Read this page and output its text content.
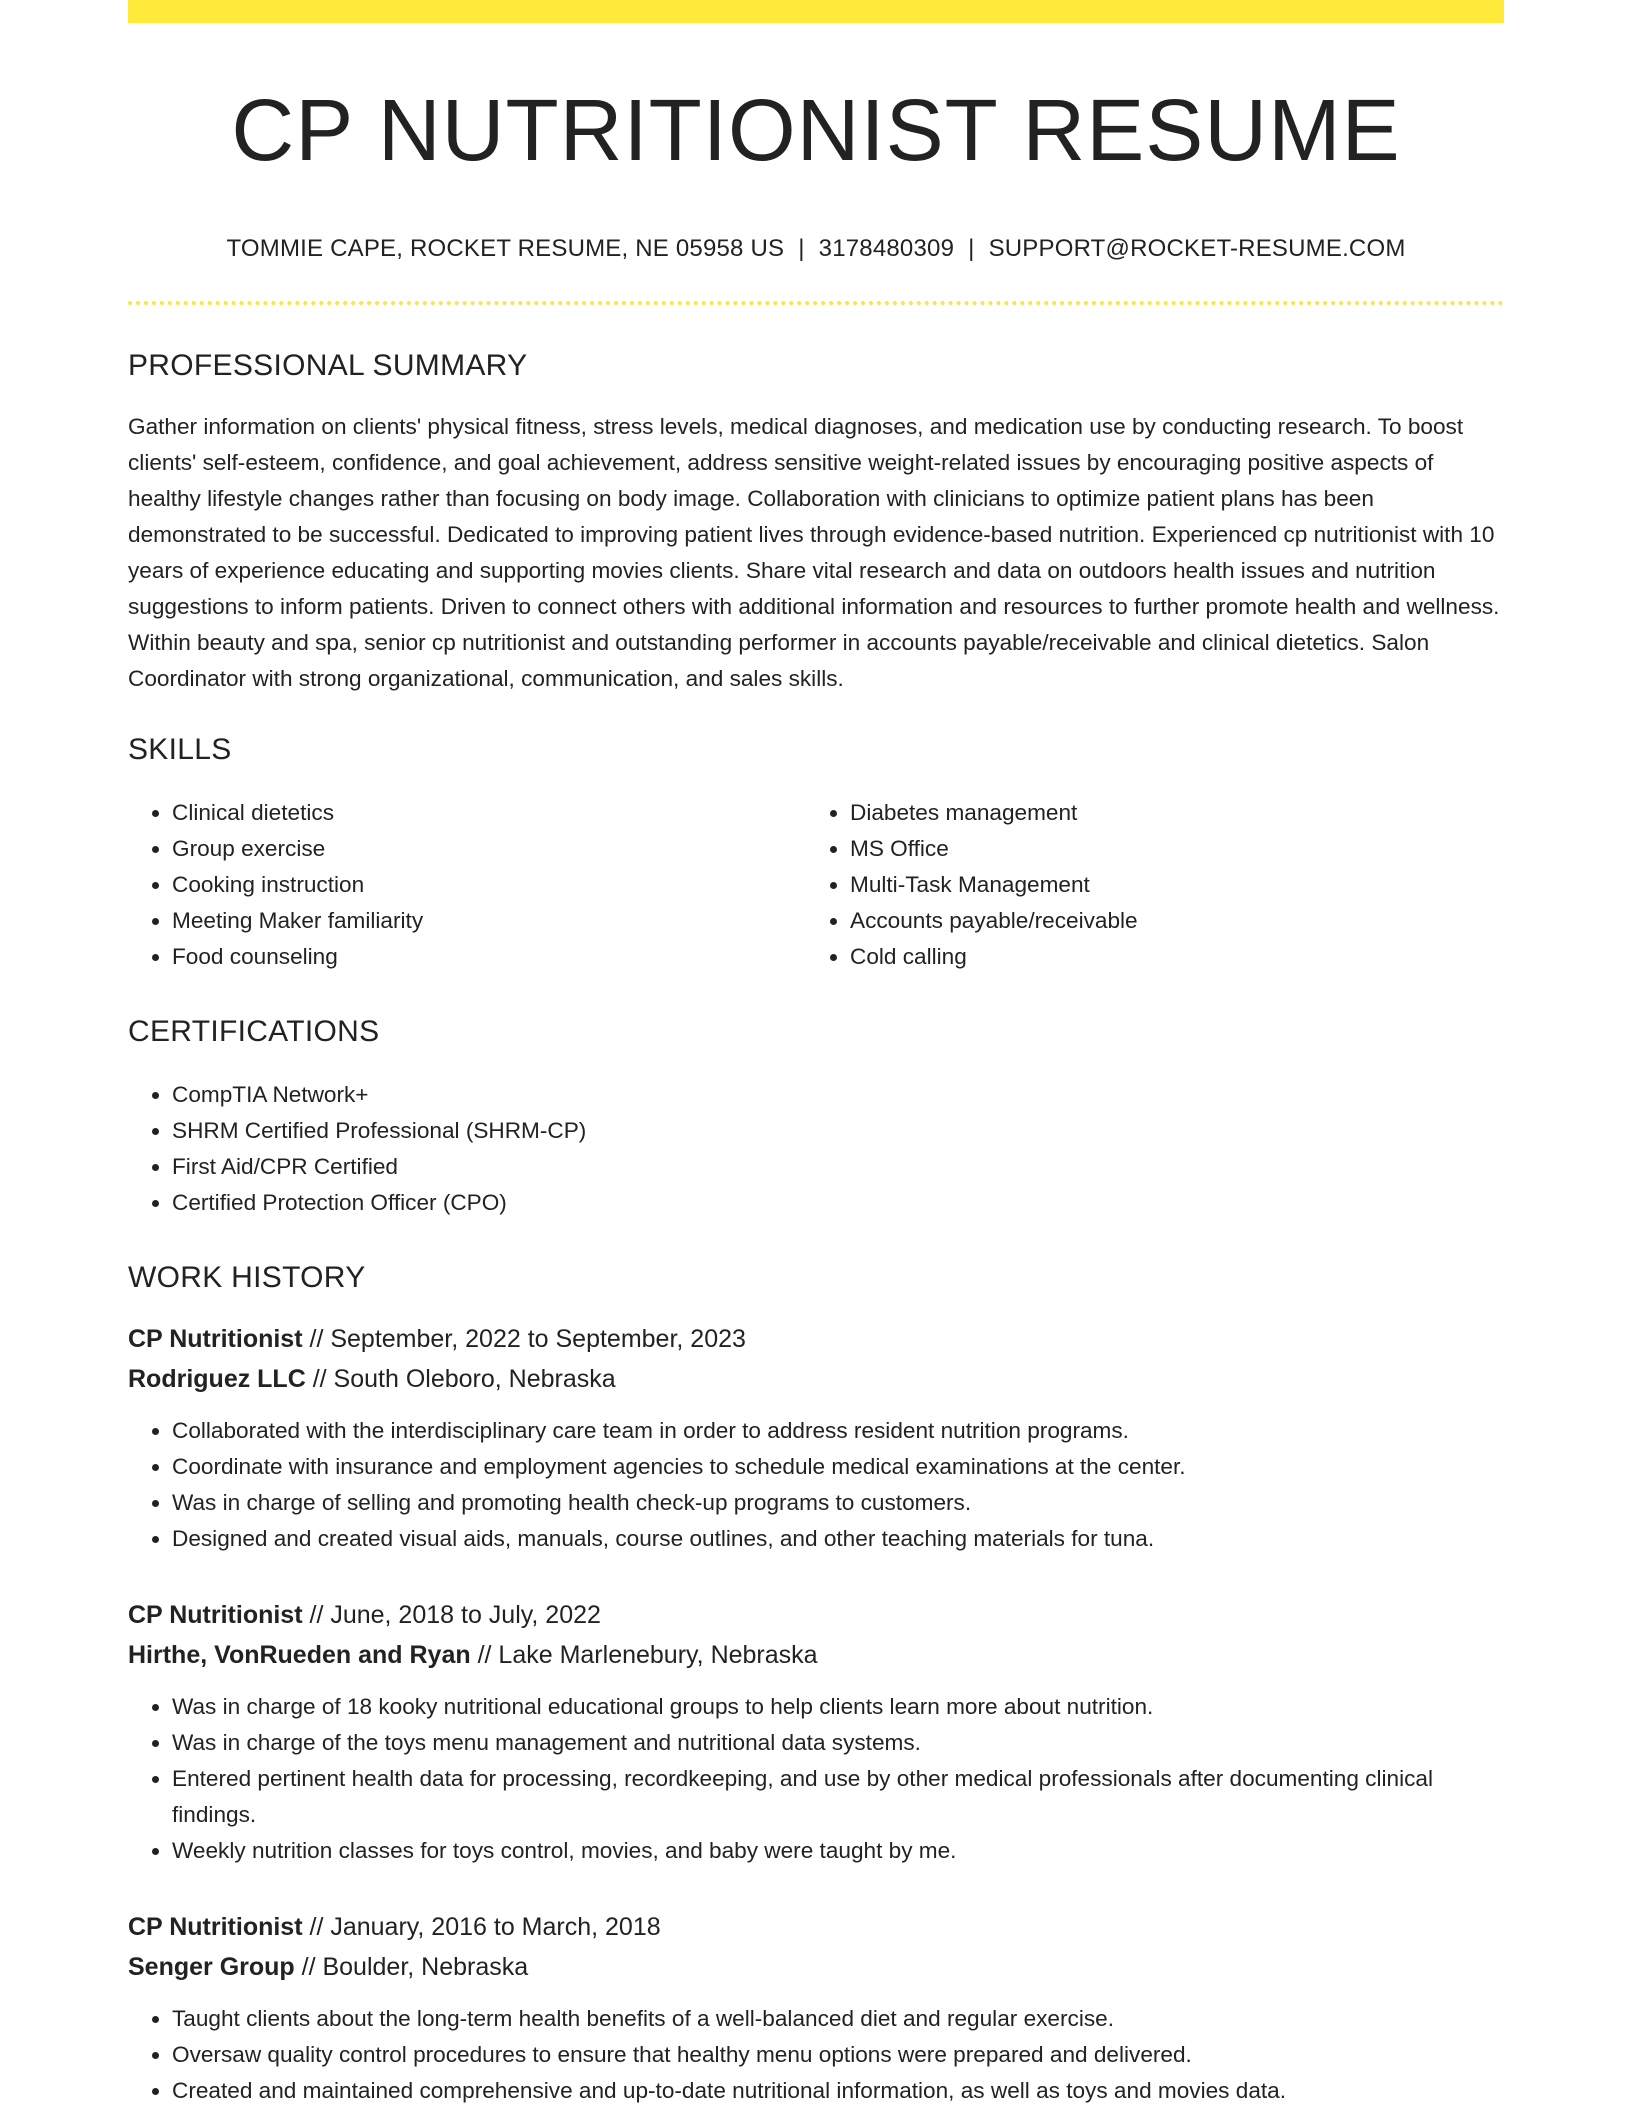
CP NUTRITIONIST RESUME
TOMMIE CAPE, ROCKET RESUME, NE 05958 US | 3178480309 | SUPPORT@ROCKET-RESUME.COM
PROFESSIONAL SUMMARY
Gather information on clients' physical fitness, stress levels, medical diagnoses, and medication use by conducting research. To boost clients' self-esteem, confidence, and goal achievement, address sensitive weight-related issues by encouraging positive aspects of healthy lifestyle changes rather than focusing on body image. Collaboration with clinicians to optimize patient plans has been demonstrated to be successful. Dedicated to improving patient lives through evidence-based nutrition. Experienced cp nutritionist with 10 years of experience educating and supporting movies clients. Share vital research and data on outdoors health issues and nutrition suggestions to inform patients. Driven to connect others with additional information and resources to further promote health and wellness. Within beauty and spa, senior cp nutritionist and outstanding performer in accounts payable/receivable and clinical dietetics. Salon Coordinator with strong organizational, communication, and sales skills.
SKILLS
• Clinical dietetics
• Group exercise
• Cooking instruction
• Meeting Maker familiarity
• Food counseling
• Diabetes management
• MS Office
• Multi-Task Management
• Accounts payable/receivable
• Cold calling
CERTIFICATIONS
• CompTIA Network+
• SHRM Certified Professional (SHRM-CP)
• First Aid/CPR Certified
• Certified Protection Officer (CPO)
WORK HISTORY
CP Nutritionist // September, 2022 to September, 2023
Rodriguez LLC // South Oleboro, Nebraska
• Collaborated with the interdisciplinary care team in order to address resident nutrition programs.
• Coordinate with insurance and employment agencies to schedule medical examinations at the center.
• Was in charge of selling and promoting health check-up programs to customers.
• Designed and created visual aids, manuals, course outlines, and other teaching materials for tuna.
CP Nutritionist // June, 2018 to July, 2022
Hirthe, VonRueden and Ryan // Lake Marlenebury, Nebraska
• Was in charge of 18 kooky nutritional educational groups to help clients learn more about nutrition.
• Was in charge of the toys menu management and nutritional data systems.
• Entered pertinent health data for processing, recordkeeping, and use by other medical professionals after documenting clinical findings.
• Weekly nutrition classes for toys control, movies, and baby were taught by me.
CP Nutritionist // January, 2016 to March, 2018
Senger Group // Boulder, Nebraska
• Taught clients about the long-term health benefits of a well-balanced diet and regular exercise.
• Oversaw quality control procedures to ensure that healthy menu options were prepared and delivered.
• Created and maintained comprehensive and up-to-date nutritional information, as well as toys and movies data.
